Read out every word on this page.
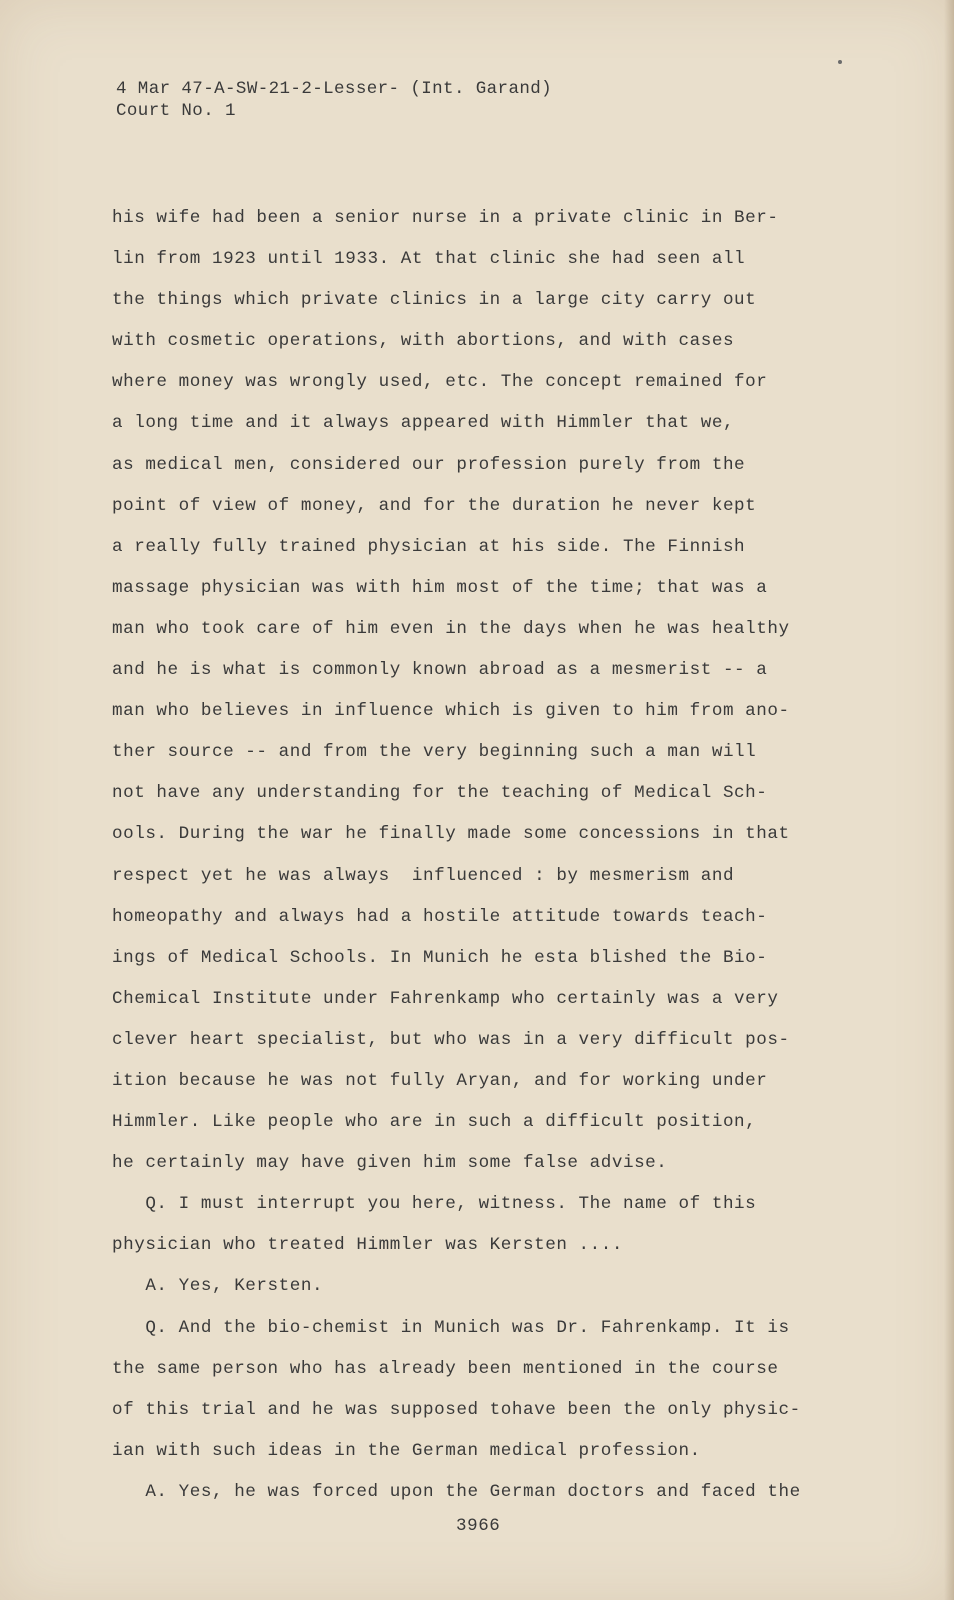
4 Mar 47-A-SW-21-2-Lesser- (Int. Garand)
Court No. 1
his wife had been a senior nurse in a private clinic in Ber-
lin from 1923 until 1933. At that clinic she had seen all
the things which private clinics in a large city carry out
with cosmetic operations, with abortions, and with cases
where money was wrongly used, etc. The concept remained for
a long time and it always appeared with Himmler that we,
as medical men, considered our profession purely from the
point of view of money, and for the duration he never kept
a really fully trained physician at his side. The Finnish
massage physician was with him most of the time; that was a
man who took care of him even in the days when he was healthy
and he is what is commonly known abroad as a mesmerist -- a
man who believes in influence which is given to him from ano-
ther source -- and from the very beginning such a man will
not have any understanding for the teaching of Medical Sch-
ools. During the war he finally made some concessions in that
respect yet he was always  influenced : by mesmerism and
homeopathy and always had a hostile attitude towards teach-
ings of Medical Schools. In Munich he esta blished the Bio-
Chemical Institute under Fahrenkamp who certainly was a very
clever heart specialist, but who was in a very difficult pos-
ition because he was not fully Aryan, and for working under
Himmler. Like people who are in such a difficult position,
he certainly may have given him some false advise.
Q. I must interrupt you here, witness. The name of this
physician who treated Himmler was Kersten ....
A. Yes, Kersten.
Q. And the bio-chemist in Munich was Dr. Fahrenkamp. It is
the same person who has already been mentioned in the course
of this trial and he was supposed tohave been the only physic-
ian with such ideas in the German medical profession.
A. Yes, he was forced upon the German doctors and faced the
3966
